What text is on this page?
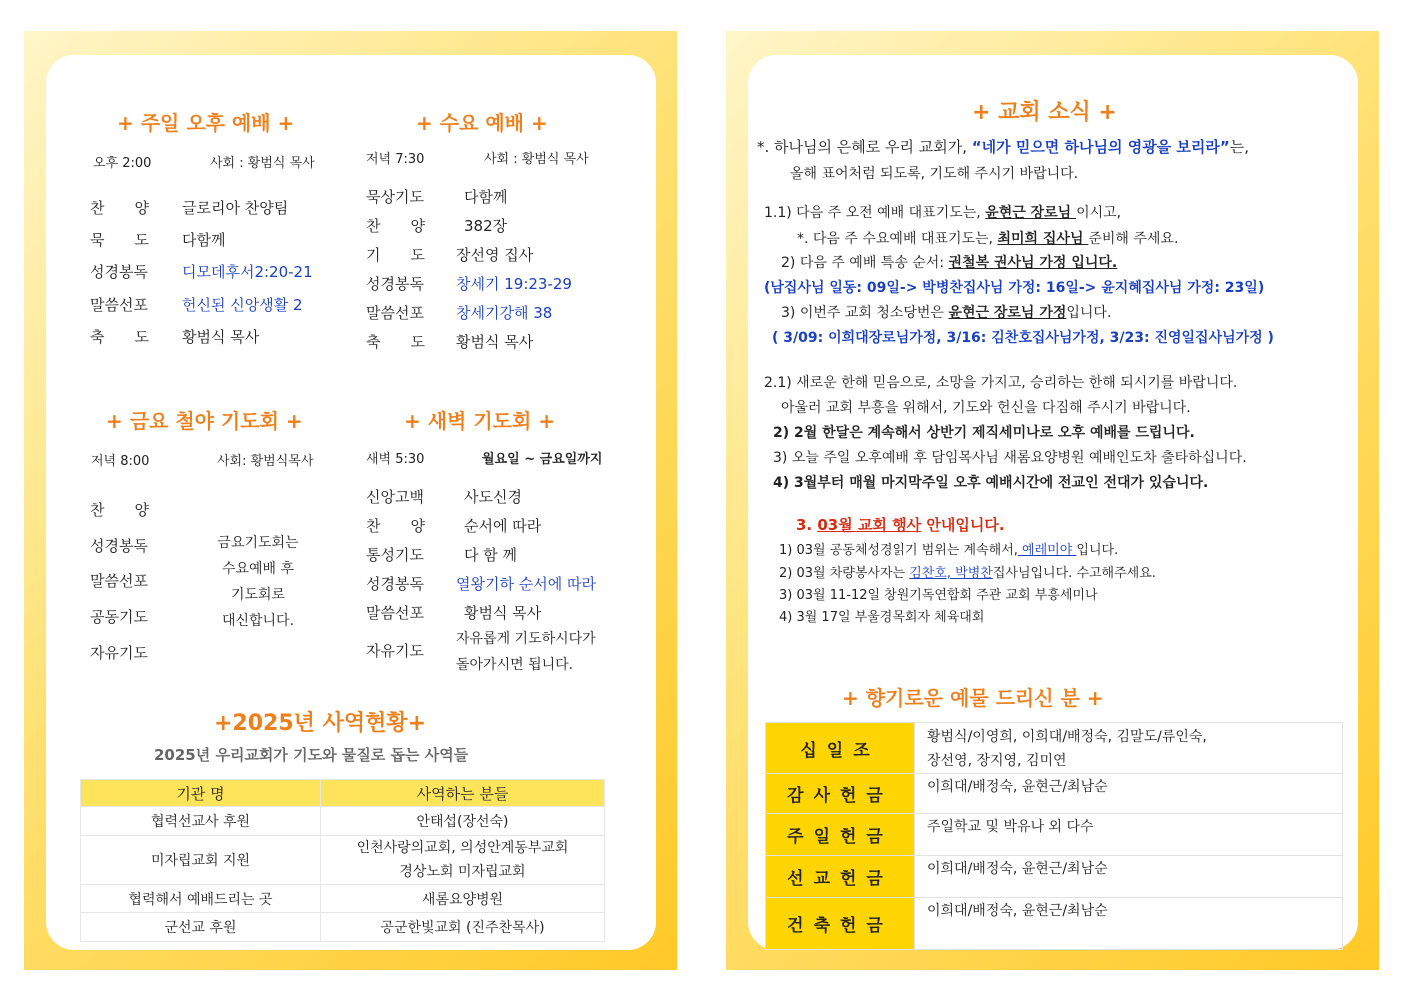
+ 주일 오후 예배 +
오후 2:00	사회 : 황범식 목사
찬　　양 글로리아 찬양팀
묵　　도 다함께
성경봉독 디모데후서2:20-21
말씀선포 헌신된 신앙생활 2
축　　도 황범식 목사
+ 수요 예배 +
저녁 7:30	사회 : 황범식 목사
묵상기도	다함께
찬　　양	382장
기　　도 장선영 집사
성경봉독 창세기 19:23-29
말씀선포 창세기강해 38
축　　도 황범식 목사
+ 금요 철야 기도회 +
저녁 8:00	사회: 황범식목사
찬　　양
성경봉독
말씀선포
공동기도
자유기도
금요기도회는
수요예배 후
기도회로
대신합니다.
+ 새벽 기도회 +
새벽 5:30	월요일 ~ 금요일까지
신앙고백	사도신경
찬　　양	순서에 따라
통성기도	다 함 께
성경봉독 열왕기하 순서에 따라
말씀선포	황범식 목사
자유기도
자유롭게 기도하시다가
돌아가시면 됩니다.
+2025년 사역현황+
2025년 우리교회가 기도와 물질로 돕는 사역들
기관 명	사역하는 분들
협력선교사 후원	안태섭(장선숙)
미자립교회 지원	인천사랑의교회, 의성안계동부교회
경상노회 미자립교회

협력해서 예배드리는 곳	새롬요양병원
군선교 후원	공군한빛교회 (진주찬목사)
+ 교회 소식 +
*. 하나님의 은혜로 우리 교회가, “네가 믿으면 하나님의 영광을 보리라”는,
올해 표어처럼 되도록, 기도해 주시기 바랍니다.
1.1) 다음 주 오전 예배 대표기도는, 윤현근 장로님 이시고,
*. 다음 주 수요예배 대표기도는, 최미희 집사님 준비해 주세요.
2) 다음 주 예배 특송 순서: 권철복 권사님 가정 입니다.
(남집사님 일동: 09일-> 박병찬집사님 가정: 16일-> 윤지혜집사님 가정: 23일)
3) 이번주 교회 청소당번은 윤현근 장로님 가정입니다.
( 3/09: 이희대장로님가정, 3/16: 김찬호집사님가정, 3/23: 진영일집사님가정 )
2.1) 새로운 한해 믿음으로, 소망을 가지고, 승리하는 한해 되시기를 바랍니다.
아울러 교회 부흥을 위해서, 기도와 헌신을 다짐해 주시기 바랍니다.
2) 2월 한달은 계속해서 상반기 제직세미나로 오후 예배를 드립니다.
3) 오늘 주일 오후예배 후 담임목사님 새롬요양병원 예배인도차 출타하십니다.
4) 3월부터 매월 마지막주일 오후 예배시간에 전교인 전대가 있습니다.
3. 03월 교회 행사 안내입니다.
1) 03월 공동체성경읽기 범위는 계속해서, 예레미야 입니다.
2) 03월 차량봉사자는 김찬호, 박병찬집사님입니다. 수고해주세요.
3) 03월 11-12일 창원기독연합회 주관 교회 부흥세미나
4) 3월 17일 부울경목회자 체육대회
+ 향기로운 예물 드리신 분 +
십일조	황범식/이영희, 이희대/배정숙, 김말도/류인숙,
장선영, 장지영, 김미연

감사헌금	이희대/배정숙, 윤현근/최남순
주일헌금	주일학교 및 박유나 외 다수
선교헌금	이희대/배정숙, 윤현근/최남순
건축헌금	이희대/배정숙, 윤현근/최남순
